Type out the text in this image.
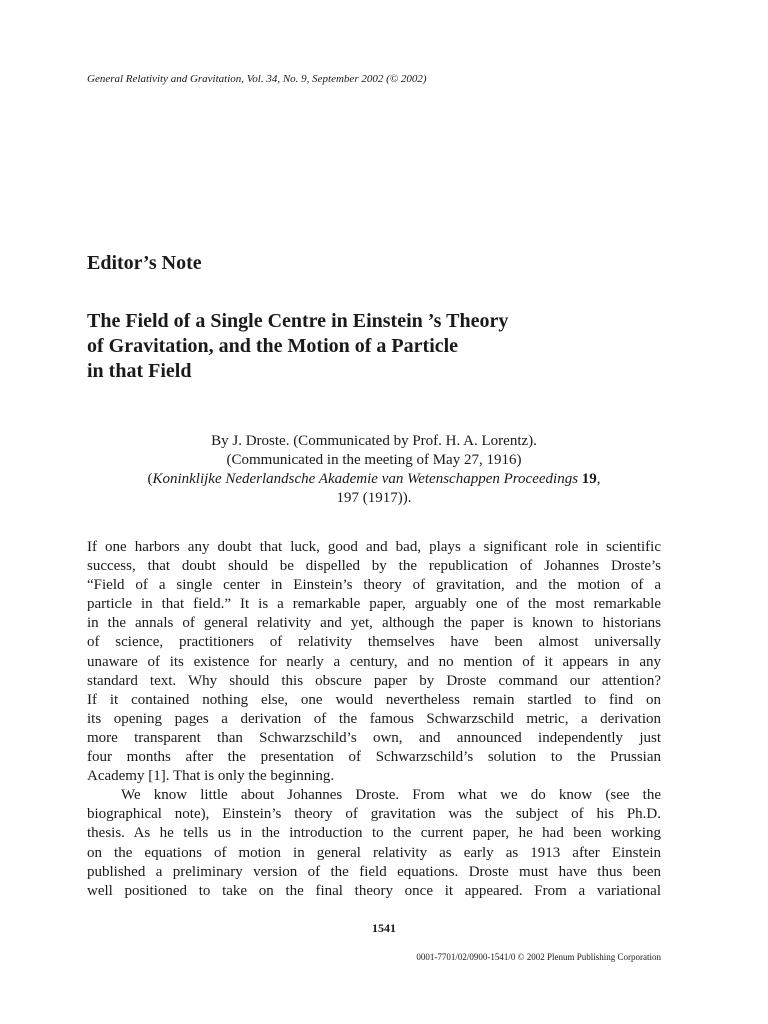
General Relativity and Gravitation, Vol. 34, No. 9, September 2002 (© 2002)
Editor’s Note
The Field of a Single Centre in Einstein ’s Theory
of Gravitation, and the Motion of a Particle
in that Field
By J. Droste. (Communicated by Prof. H. A. Lorentz).
(Communicated in the meeting of May 27, 1916)
(Koninklijke Nederlandsche Akademie van Wetenschappen Proceedings 19,
197 (1917)).
If one harbors any doubt that luck, good and bad, plays a significant role in scientific
success, that doubt should be dispelled by the republication of Johannes Droste’s
“Field of a single center in Einstein’s theory of gravitation, and the motion of a
particle in that field.” It is a remarkable paper, arguably one of the most remarkable
in the annals of general relativity and yet, although the paper is known to historians
of science, practitioners of relativity themselves have been almost universally
unaware of its existence for nearly a century, and no mention of it appears in any
standard text. Why should this obscure paper by Droste command our attention?
If it contained nothing else, one would nevertheless remain startled to find on
its opening pages a derivation of the famous Schwarzschild metric, a derivation
more transparent than Schwarzschild’s own, and announced independently just
four months after the presentation of Schwarzschild’s solution to the Prussian
Academy [1]. That is only the beginning.
We know little about Johannes Droste. From what we do know (see the
biographical note), Einstein’s theory of gravitation was the subject of his Ph.D.
thesis. As he tells us in the introduction to the current paper, he had been working
on the equations of motion in general relativity as early as 1913 after Einstein
published a preliminary version of the field equations. Droste must have thus been
well positioned to take on the final theory once it appeared. From a variational
1541
0001-7701/02/0900-1541/0 © 2002 Plenum Publishing Corporation
